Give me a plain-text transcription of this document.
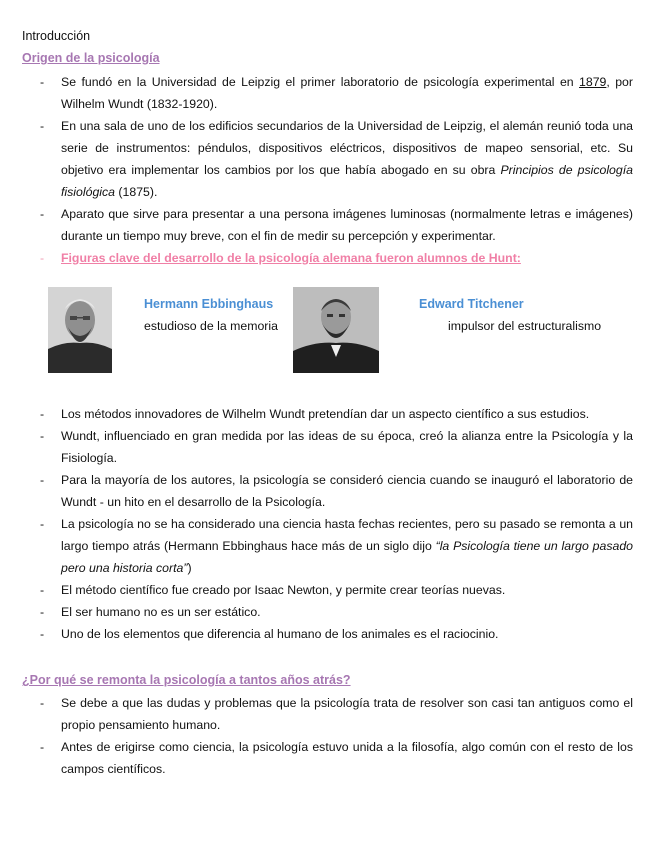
Introducción
Origen de la psicología
- Se fundó en la Universidad de Leipzig el primer laboratorio de psicología experimental en 1879, por Wilhelm Wundt (1832-1920).
- En una sala de uno de los edificios secundarios de la Universidad de Leipzig, el alemán reunió toda una serie de instrumentos: péndulos, dispositivos eléctricos, dispositivos de mapeo sensorial, etc. Su objetivo era implementar los cambios por los que había abogado en su obra Principios de psicología fisiológica (1875).
- Aparato que sirve para presentar a una persona imágenes luminosas (normalmente letras e imágenes) durante un tiempo muy breve, con el fin de medir su percepción y experimentar.
- Figuras clave del desarrollo de la psicología alemana fueron alumnos de Hunt:
Hermann Ebbinghaus
estudioso de la memoria
Edward Titchener
impulsor del estructuralismo
- Los métodos innovadores de Wilhelm Wundt pretendían dar un aspecto científico a sus estudios.
- Wundt, influenciado en gran medida por las ideas de su época, creó la alianza entre la Psicología y la Fisiología.
- Para la mayoría de los autores, la psicología se consideró ciencia cuando se inauguró el laboratorio de Wundt - un hito en el desarrollo de la Psicología.
- La psicología no se ha considerado una ciencia hasta fechas recientes, pero su pasado se remonta a un largo tiempo atrás (Hermann Ebbinghaus hace más de un siglo dijo “la Psicología tiene un largo pasado pero una historia corta”)
- El método científico fue creado por Isaac Newton, y permite crear teorías nuevas.
- El ser humano no es un ser estático.
- Uno de los elementos que diferencia al humano de los animales es el raciocinio.
¿Por qué se remonta la psicología a tantos años atrás?
- Se debe a que las dudas y problemas que la psicología trata de resolver son casi tan antiguos como el propio pensamiento humano.
- Antes de erigirse como ciencia, la psicología estuvo unida a la filosofía, algo común con el resto de los campos científicos.
